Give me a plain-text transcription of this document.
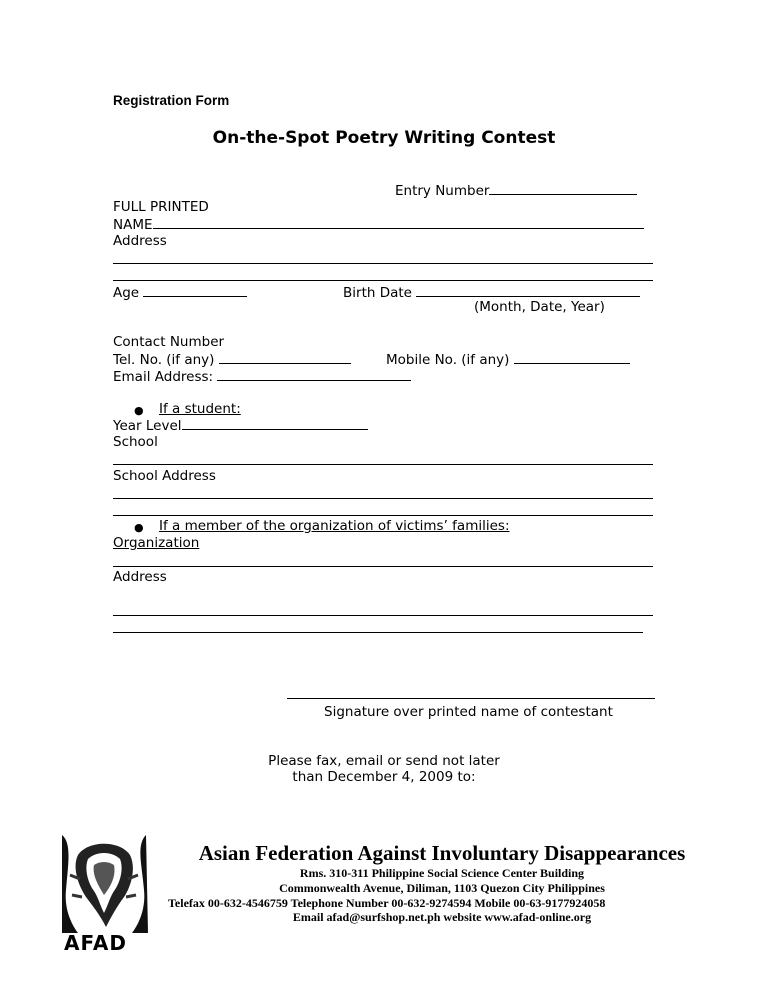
Registration Form
On-the-Spot Poetry Writing Contest
Entry Number
FULL PRINTED
NAME
Address
Age	Birth Date
(Month, Date, Year)
Contact Number
Tel. No. (if any)	Mobile No. (if any)
Email Address:
● If a student:
Year Level
School
School Address
● If a member of the organization of victims’ families:
Organization
Address
Signature over printed name of contestant
Please fax, email or send not later
than December 4, 2009 to:
AFAD
Asian Federation Against Involuntary Disappearances
Rms. 310-311 Philippine Social Science Center Building
Commonwealth Avenue, Diliman, 1103 Quezon City Philippines
Telefax 00-632-4546759 Telephone Number 00-632-9274594 Mobile 00-63-9177924058
Email afad@surfshop.net.ph website www.afad-online.org
